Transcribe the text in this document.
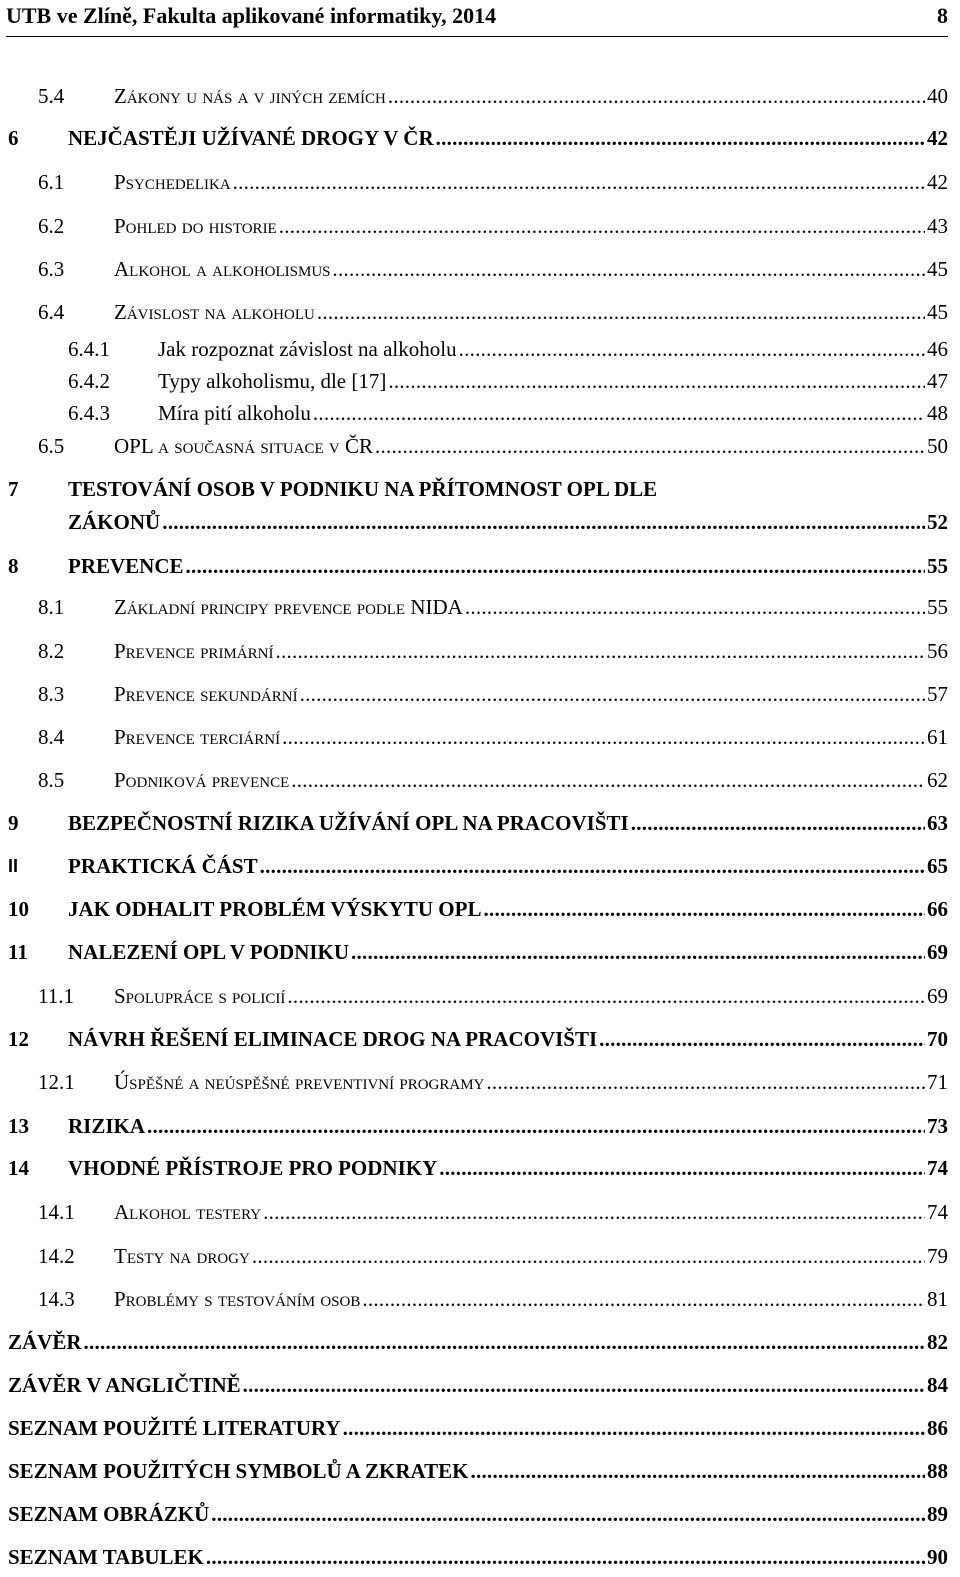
UTB ve Zlíně, Fakulta aplikované informatiky, 2014	8
5.4 Zákony u nás a v jiných zemích . . .	40
6 NEJČASTĚJI UŽÍVANÉ DROGY V ČR . . .	42
6.1 Psychedelika . . .	42
6.2 Pohled do historie . . .	43
6.3 Alkohol a alkoholismus . . .	45
6.4 Závislost na alkoholu . . .	45
6.4.1 Jak rozpoznat závislost na alkoholu . . .	46
6.4.2 Typy alkoholismu, dle [17] . . .	47
6.4.3 Míra pití alkoholu . . .	48
6.5 OPL a současná situace v ČR . . .	50
7 TESTOVÁNÍ OSOB V PODNIKU NA PŘÍTOMNOST OPL DLE
ZÁKONŮ . . .	52
8 PREVENCE . . .	55
8.1 Základní principy prevence podle NIDA . . .	55
8.2 Prevence primární . . .	56
8.3 Prevence sekundární . . .	57
8.4 Prevence terciární . . .	61
8.5 Podniková prevence . . .	62
9 BEZPEČNOSTNÍ RIZIKA UŽÍVÁNÍ OPL NA PRACOVIŠTI . . .	63
II PRAKTICKÁ ČÁST . . .	65
10 JAK ODHALIT PROBLÉM VÝSKYTU OPL . . .	66
11 NALEZENÍ OPL V PODNIKU . . .	69
11.1 Spolupráce s policií . . .	69
12 NÁVRH ŘEŠENÍ ELIMINACE DROG NA PRACOVIŠTI . . .	70
12.1 Úspěšné a neúspěšné preventivní programy . . .	71
13 RIZIKA . . .	73
14 VHODNÉ PŘÍSTROJE PRO PODNIKY . . .	74
14.1 Alkohol testery . . .	74
14.2 Testy na drogy . . .	79
14.3 Problémy s testováním osob . . .	81
ZÁVĚR . . .	82
ZÁVĚR V ANGLIČTINĚ . . .	84
SEZNAM POUŽITÉ LITERATURY . . .	86
SEZNAM POUŽITÝCH SYMBOLŮ A ZKRATEK . . .	88
SEZNAM OBRÁZKŮ . . .	89
SEZNAM TABULEK . . .	90
